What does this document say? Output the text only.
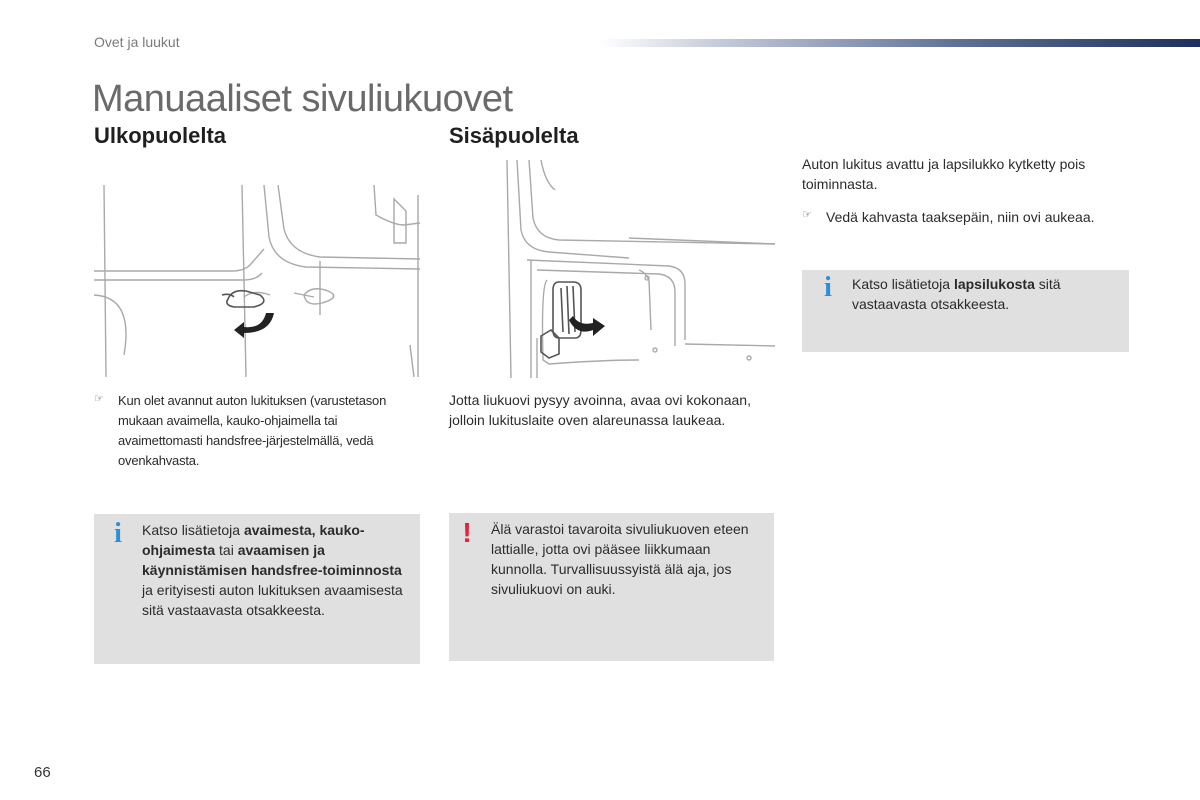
Ovet ja luukut
Manuaaliset sivuliukuovet
Ulkopuolelta	Sisäpuolelta
☞	Kun olet avannut auton lukituksen (varustetason mukaan avaimella, kauko-ohjaimella tai avaimettomasti handsfree-järjestelmällä, vedä ovenkahvasta.
Jotta liukuovi pysyy avoinna, avaa ovi kokonaan, jolloin lukituslaite oven alareunassa laukeaa.
Auton lukitus avattu ja lapsilukko kytketty pois toiminnasta.
☞ Vedä kahvasta taaksepäin, niin ovi aukeaa.
i	Katso lisätietoja lapsilukosta sitä vastaavasta otsakkeesta.
i	Katso lisätietoja avaimesta, kauko-ohjaimesta tai avaamisen ja käynnistämisen handsfree-toiminnosta ja erityisesti auton lukituksen avaamisesta sitä vastaavasta otsakkeesta.
!	Älä varastoi tavaroita sivuliukuoven eteen lattialle, jotta ovi pääsee liikkumaan kunnolla. Turvallisuussyistä älä aja, jos sivuliukuovi on auki.
66
